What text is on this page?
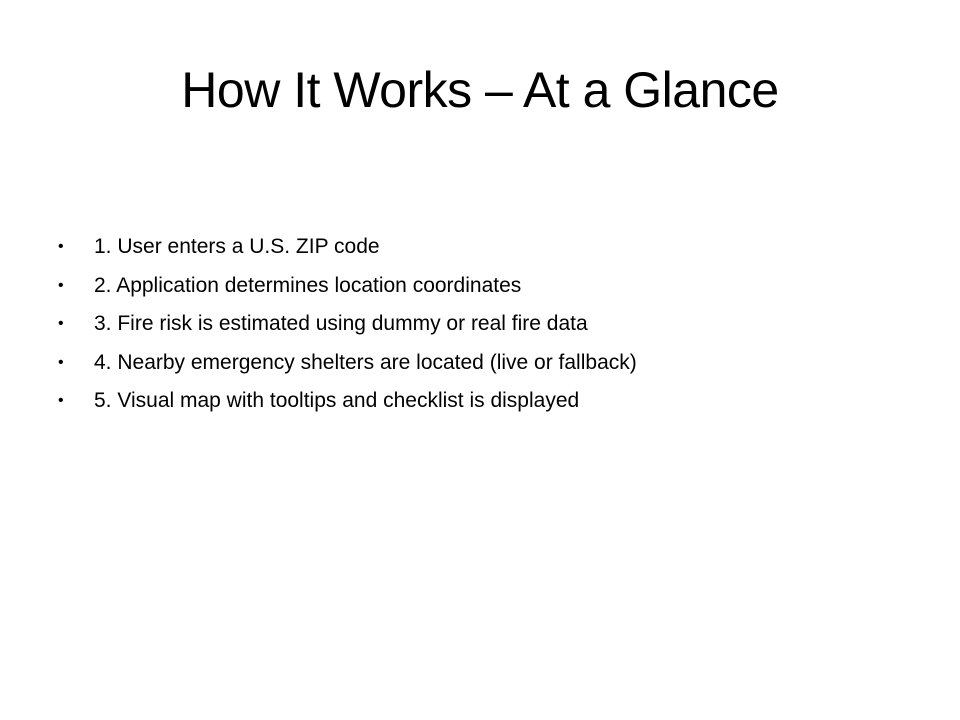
How It Works – At a Glance
•	1. User enters a U.S. ZIP code
•	2. Application determines location coordinates
•	3. Fire risk is estimated using dummy or real fire data
•	4. Nearby emergency shelters are located (live or fallback)
•	5. Visual map with tooltips and checklist is displayed
